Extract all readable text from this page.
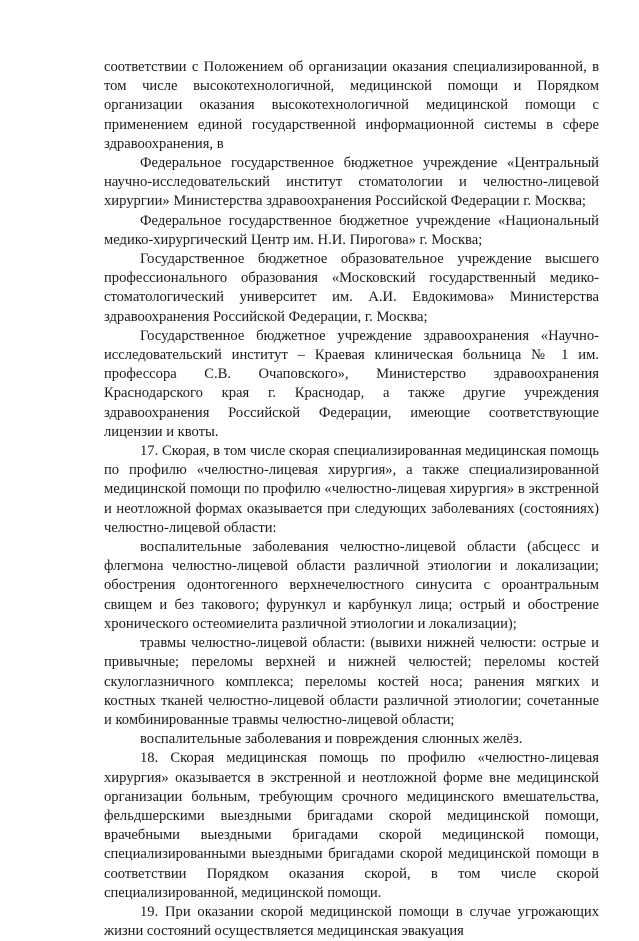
соответствии с Положением об организации оказания специализированной, в том числе высокотехнологичной, медицинской помощи и Порядком организации оказания высокотехнологичной медицинской помощи с применением единой государственной информационной системы в сфере здравоохранения, в

Федеральное государственное бюджетное учреждение «Центральный научно-исследовательский институт стоматологии и челюстно-лицевой хирургии» Министерства здравоохранения Российской Федерации г. Москва;

Федеральное государственное бюджетное учреждение «Национальный медико-хирургический Центр им. Н.И. Пирогова» г. Москва;

Государственное бюджетное образовательное учреждение высшего профессионального образования «Московский государственный медико-стоматологический университет им. А.И. Евдокимова» Министерства здравоохранения Российской Федерации, г. Москва;

Государственное бюджетное учреждение здравоохранения «Научно-исследовательский институт – Краевая клиническая больница № 1 им. профессора С.В. Очаповского», Министерство здравоохранения Краснодарского края г. Краснодар, а также другие учреждения здравоохранения Российской Федерации, имеющие соответствующие лицензии и квоты.

17. Скорая, в том числе скорая специализированная медицинская помощь по профилю «челюстно-лицевая хирургия», а также специализированной медицинской помощи по профилю «челюстно-лицевая хирургия» в экстренной и неотложной формах оказывается при следующих заболеваниях (состояниях) челюстно-лицевой области:

воспалительные заболевания челюстно-лицевой области (абсцесс и флегмона челюстно-лицевой области различной этиологии и локализации; обострения одонтогенного верхнечелюстного синусита с ороантральным свищем и без такового; фурункул и карбункул лица; острый и обострение хронического остеомиелита различной этиологии и локализации);

травмы челюстно-лицевой области: (вывихи нижней челюсти: острые и привычные; переломы верхней и нижней челюстей; переломы костей скулоглазничного комплекса; переломы костей носа; ранения мягких и костных тканей челюстно-лицевой области различной этиологии; сочетанные и комбинированные травмы челюстно-лицевой области;

воспалительные заболевания и повреждения слюнных желёз.

18. Скорая медицинская помощь по профилю «челюстно-лицевая хирургия» оказывается в экстренной и неотложной форме вне медицинской организации больным, требующим срочного медицинского вмешательства, фельдшерскими выездными бригадами скорой медицинской помощи, врачебными выездными бригадами скорой медицинской помощи, специализированными выездными бригадами скорой медицинской помощи в соответствии Порядком оказания скорой, в том числе скорой специализированной, медицинской помощи.

19. При оказании скорой медицинской помощи в случае угрожающих жизни состояний осуществляется медицинская эвакуация
